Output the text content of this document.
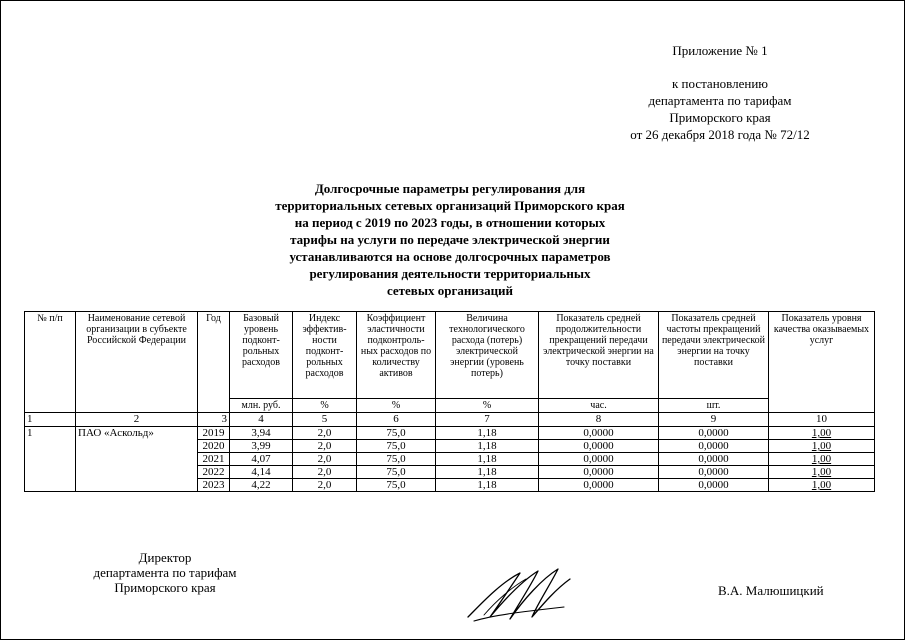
Приложение № 1
к постановлению
департамента по тарифам
Приморского края
от 26 декабря 2018 года № 72/12
Долгосрочные параметры регулирования для
территориальных сетевых организаций Приморского края
на период с 2019 по 2023 годы, в отношении которых
тарифы на услуги по передаче электрической энергии
устанавливаются на основе долгосрочных параметров
регулирования деятельности территориальных
сетевых организаций
№ п/п	Наименование сетевой организации в субъекте Российской Федерации	Год	Базовый уровень подконт-рольных расходов	Индекс эффектив-ности подконт-рольных расходов	Коэффициент эластичности подконтроль-ных расходов по количеству активов	Величина технологического расхода (потерь) электрической энергии (уровень потерь)	Показатель средней продолжительности прекращений передачи электрической энергии на точку поставки	Показатель средней частоты прекращений передачи электрической энергии на точку поставки	Показатель уровня качества оказываемых услуг
			млн. руб.	%	%	%	час.	шт.	
1	2	3	4	5	6	7	8	9	10
1	ПАО «Аскольд»	2019	3,94	2,0	75,0	1,18	0,0000	0,0000	1,00
		2020	3,99	2,0	75,0	1,18	0,0000	0,0000	1,00
		2021	4,07	2,0	75,0	1,18	0,0000	0,0000	1,00
		2022	4,14	2,0	75,0	1,18	0,0000	0,0000	1,00
		2023	4,22	2,0	75,0	1,18	0,0000	0,0000	1,00
Директор
департамента по тарифам
Приморского края	В.А. Малюшицкий
